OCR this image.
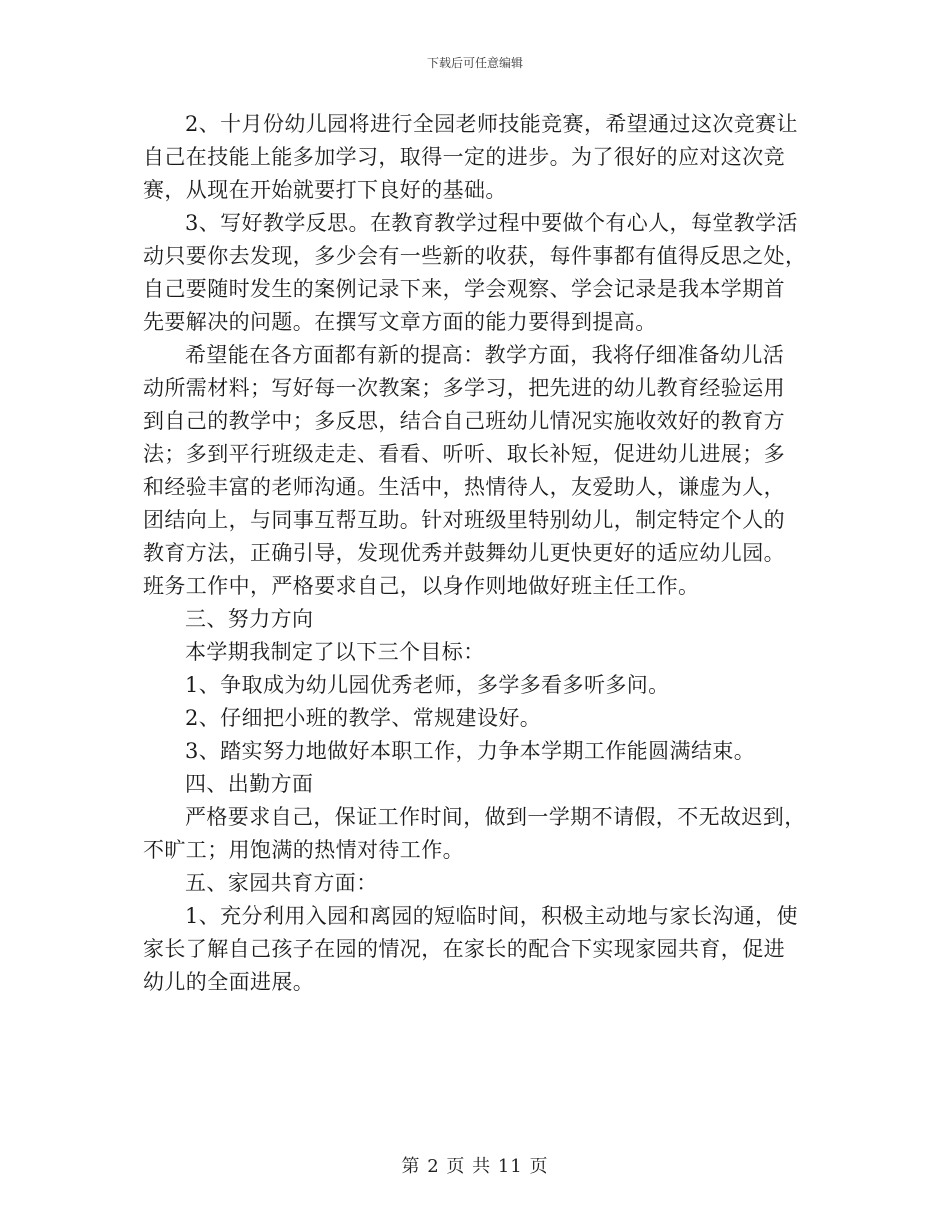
下载后可任意编辑

2、十月份幼儿园将进行全园老师技能竞赛，希望通过这次竞赛让
自己在技能上能多加学习，取得一定的进步。为了很好的应对这次竞
赛，从现在开始就要打下良好的基础。

3、写好教学反思。在教育教学过程中要做个有心人，每堂教学活
动只要你去发现，多少会有一些新的收获，每件事都有值得反思之处，
自己要随时发生的案例记录下来，学会观察、学会记录是我本学期首
先要解决的问题。在撰写文章方面的能力要得到提高。

希望能在各方面都有新的提高：教学方面，我将仔细准备幼儿活
动所需材料；写好每一次教案；多学习，把先进的幼儿教育经验运用
到自己的教学中；多反思，结合自己班幼儿情况实施收效好的教育方
法；多到平行班级走走、看看、听听、取长补短，促进幼儿进展；多
和经验丰富的老师沟通。生活中，热情待人，友爱助人，谦虚为人，
团结向上，与同事互帮互助。针对班级里特别幼儿，制定特定个人的
教育方法，正确引导，发现优秀并鼓舞幼儿更快更好的适应幼儿园。
班务工作中，严格要求自己，以身作则地做好班主任工作。

三、努力方向

本学期我制定了以下三个目标：

1、争取成为幼儿园优秀老师，多学多看多听多问。

2、仔细把小班的教学、常规建设好。

3、踏实努力地做好本职工作，力争本学期工作能圆满结束。

四、出勤方面

严格要求自己，保证工作时间，做到一学期不请假，不无故迟到，
不旷工；用饱满的热情对待工作。

五、家园共育方面：

1、充分利用入园和离园的短临时间，积极主动地与家长沟通，使
家长了解自己孩子在园的情况，在家长的配合下实现家园共育，促进
幼儿的全面进展。

第 2 页 共 11 页
